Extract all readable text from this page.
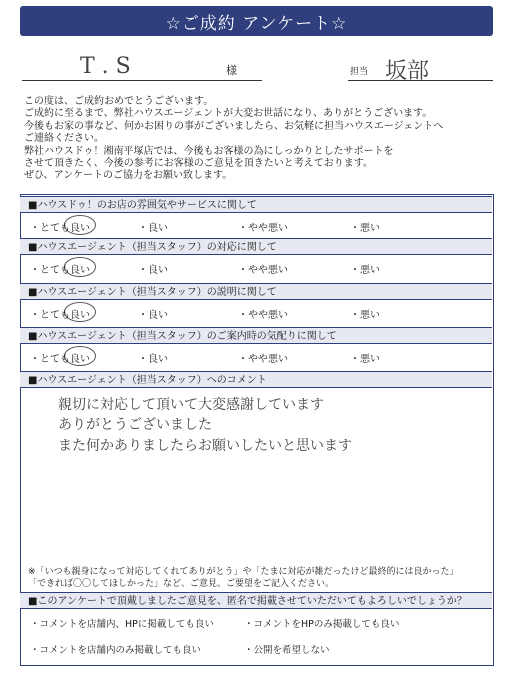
☆ご成約 アンケート☆
T . S	様	担当 坂部
この度は、ご成約おめでとうございます。
ご成約に至るまで、弊社ハウスエージェントが大変お世話になり、ありがとうございます。
今後もお家の事など、何かお困りの事がございましたら、お気軽に担当ハウスエージェントへ
ご連絡ください。
弊社ハウスドゥ！湘南平塚店では、今後もお客様の為にしっかりとしたサポートを
させて頂きたく、今後の参考にお客様のご意見を頂きたいと考えております。
ぜひ、アンケートのご協力をお願い致します。
■ハウスドゥ！のお店の雰囲気やサービスに関して
・とても良い	・良い	・やや悪い	・悪い
■ハウスエージェント（担当スタッフ）の対応に関して
・とても良い	・良い	・やや悪い	・悪い
■ハウスエージェント（担当スタッフ）の説明に関して
・とても良い	・良い	・やや悪い	・悪い
■ハウスエージェント（担当スタッフ）のご案内時の気配りに関して
・とても良い	・良い	・やや悪い	・悪い
■ハウスエージェント（担当スタッフ）へのコメント
親切に対応して頂いて大変感謝しています
ありがとうございました
また何かありましたらお願いしたいと思います
※「いつも親身になって対応してくれてありがとう」や「たまに対応が雑だったけど最終的には良かった」
「できれば〇〇してほしかった」など、ご意見、ご要望をご記入ください。
■このアンケートで頂戴しましたご意見を、匿名で掲載させていただいてもよろしいでしょうか？
・コメントを店舗内、HPに掲載しても良い	・コメントをHPのみ掲載しても良い
・コメントを店舗内のみ掲載しても良い	・公開を希望しない
